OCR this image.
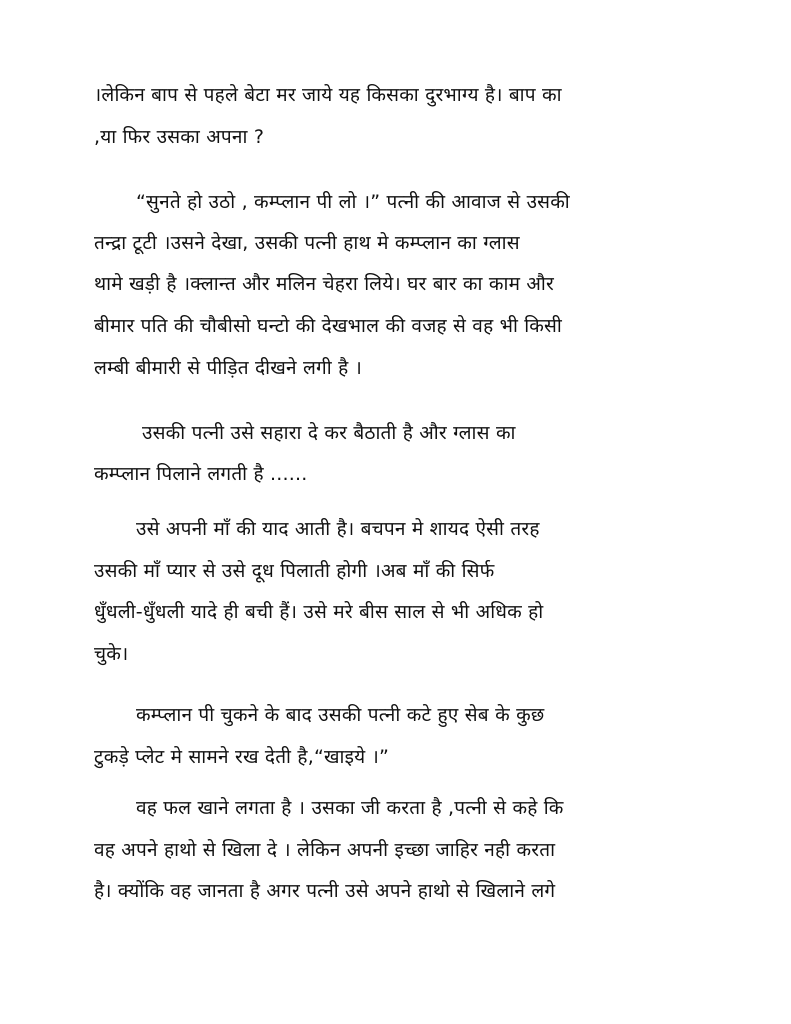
।लेकिन बाप से पहले बेटा मर जाये यह किसका दुरभाग्य है। बाप का
,या फिर उसका अपना ?
“सुनते हो उठो , कम्प्लान पी लो ।” पत्नी की आवाज से उसकी
तन्द्रा टूटी ।उसने देखा, उसकी पत्नी हाथ मे कम्प्लान का ग्लास
थामे खड़ी है ।क्लान्त और मलिन चेहरा लिये। घर बार का काम और
बीमार पति की चौबीसो घन्टो की देखभाल की वजह से वह भी किसी
लम्बी बीमारी से पीड़ित दीखने लगी है ।
उसकी पत्नी उसे सहारा दे कर बैठाती है और ग्लास का
कम्प्लान पिलाने लगती है ......
उसे अपनी माँ की याद आती है। बचपन मे शायद ऐसी तरह
उसकी माँ प्यार से उसे दूध पिलाती होगी ।अब माँ की सिर्फ
धुँधली-धुँधली यादे ही बची हैं। उसे मरे बीस साल से भी अधिक हो
चुके।
कम्प्लान पी चुकने के बाद उसकी पत्नी कटे हुए सेब के कुछ
टुकड़े प्लेट मे सामने रख देती है,“खाइये ।”
वह फल खाने लगता है । उसका जी करता है ,पत्नी से कहे कि
वह अपने हाथो से खिला दे । लेकिन अपनी इच्छा जाहिर नही करता
है। क्योंकि वह जानता है अगर पत्नी उसे अपने हाथो से खिलाने लगे
